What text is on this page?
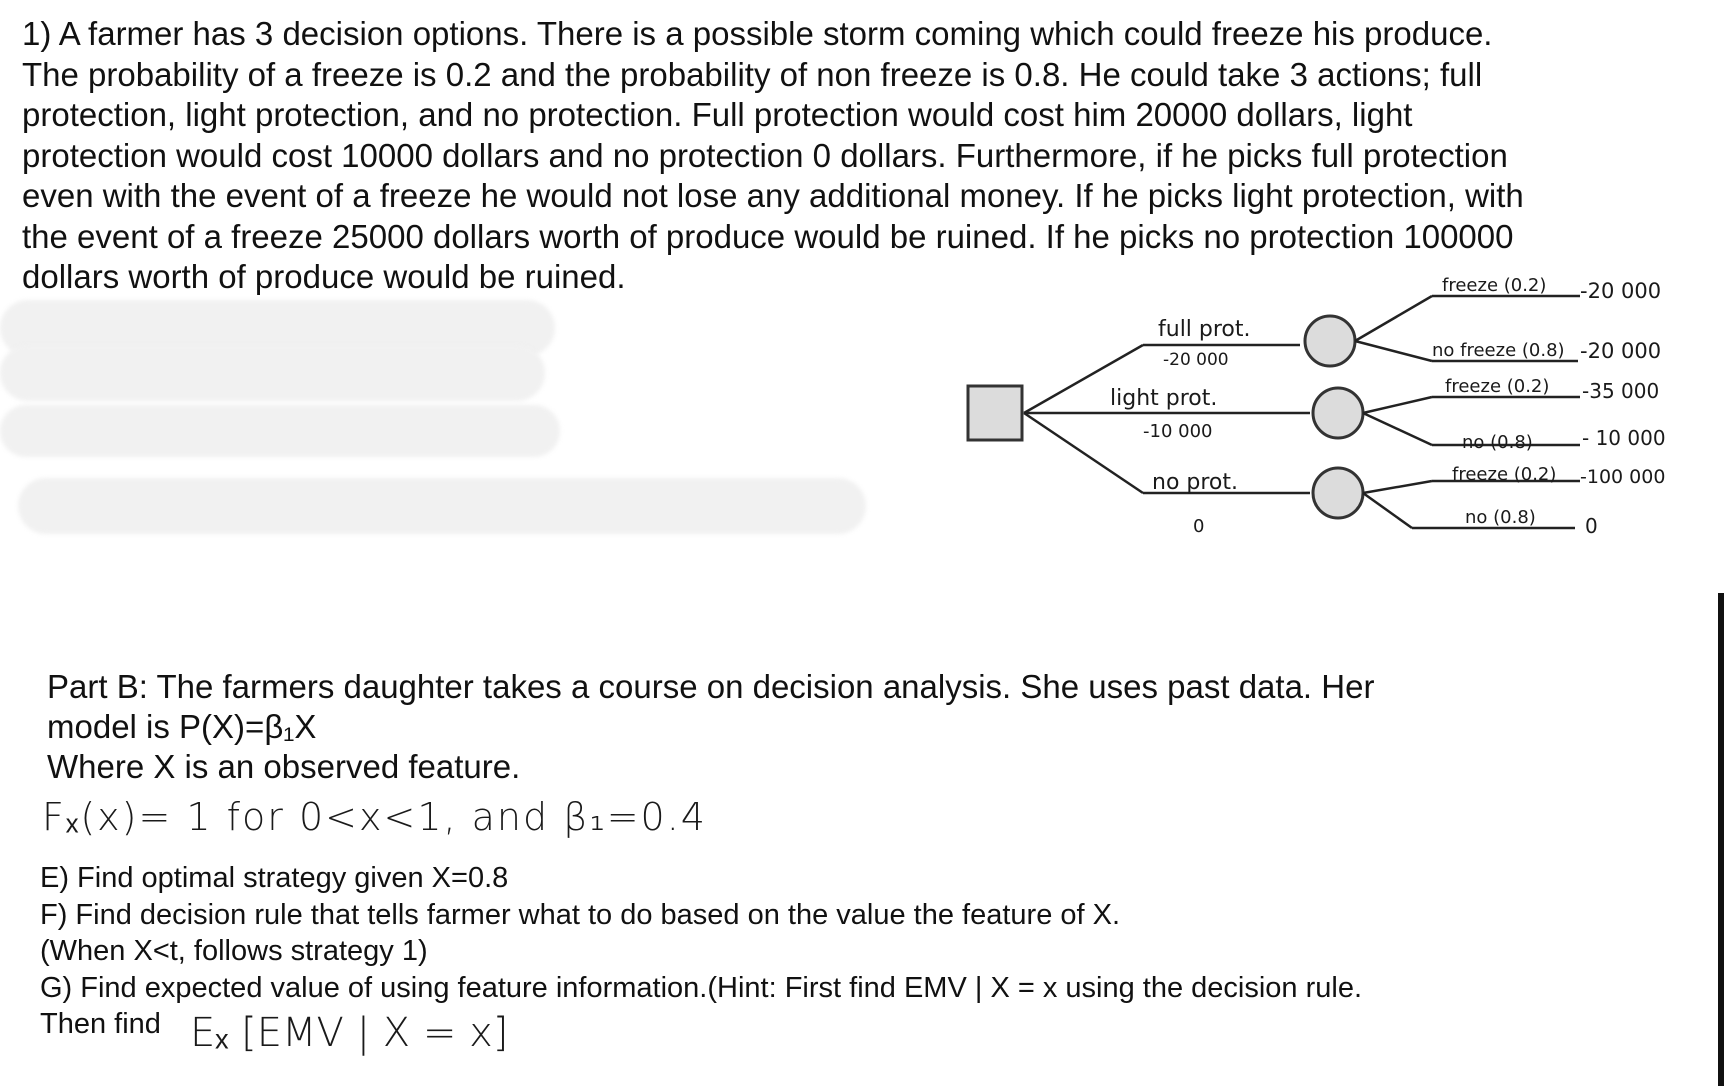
1) A farmer has 3 decision options. There is a possible storm coming which could freeze his produce.
The probability of a freeze is 0.2 and the probability of non freeze is 0.8. He could take 3 actions; full
protection, light protection, and no protection. Full protection would cost him 20000 dollars, light
protection would cost 10000 dollars and no protection 0 dollars. Furthermore, if he picks full protection
even with the event of a freeze he would not lose any additional money. If he picks light protection, with
the event of a freeze 25000 dollars worth of produce would be ruined. If he picks no protection 100000
dollars worth of produce would be ruined.
full prot.
-20 000
light prot.
-10 000
no prot.
0
freeze (0.2) -20 000
no freeze (0.8) -20 000
freeze (0.2) -35 000
no (0.8) - 10 000
freeze (0.2) -100 000
no (0.8) 0
Part B: The farmers daughter takes a course on decision analysis. She uses past data. Her
model is P(X)=β₁X
Where X is an observed feature.
Fₓ(x)= 1 for 0<x<1, and β₁=0.4
E) Find optimal strategy given X=0.8
F) Find decision rule that tells farmer what to do based on the value the feature of X.
(When X<t, follows strategy 1)
G) Find expected value of using feature information.(Hint: First find EMV | X = x using the decision rule.
Then find Eₓ [EMV | X = x]
